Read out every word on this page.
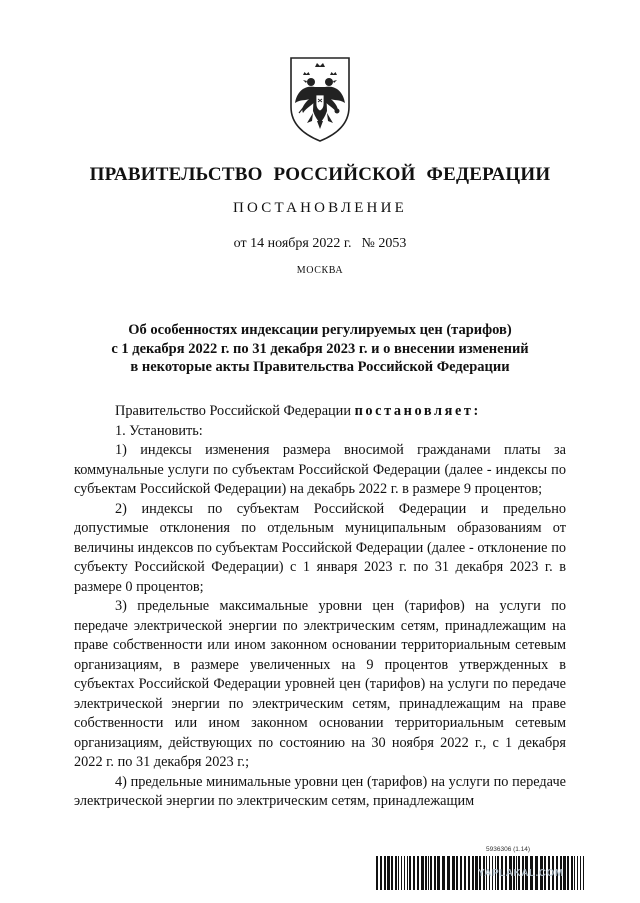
ПРАВИТЕЛЬСТВО РОССИЙСКОЙ ФЕДЕРАЦИИ
ПОСТАНОВЛЕНИЕ
от 14 ноября 2022 г. № 2053
МОСКВА
Об особенностях индексации регулируемых цен (тарифов)
с 1 декабря 2022 г. по 31 декабря 2023 г. и о внесении изменений
в некоторые акты Правительства Российской Федерации

Правительство Российской Федерации постановляет:

1. Установить:

1) индексы изменения размера вносимой гражданами платы за коммунальные услуги по субъектам Российской Федерации (далее - индексы по субъектам Российской Федерации) на декабрь 2022 г. в размере 9 процентов;

2) индексы по субъектам Российской Федерации и предельно допустимые отклонения по отдельным муниципальным образованиям от величины индексов по субъектам Российской Федерации (далее - отклонение по субъекту Российской Федерации) с 1 января 2023 г. по 31 декабря 2023 г. в размере 0 процентов;

3) предельные максимальные уровни цен (тарифов) на услуги по передаче электрической энергии по электрическим сетям, принадлежащим на праве собственности или ином законном основании территориальным сетевым организациям, в размере увеличенных на 9 процентов утвержденных в субъектах Российской Федерации уровней цен (тарифов) на услуги по передаче электрической энергии по электрическим сетям, принадлежащим на праве собственности или ином законном основании территориальным сетевым организациям, действующих по состоянию на 30 ноября 2022 г., с 1 декабря 2022 г. по 31 декабря 2023 г.;

4) предельные минимальные уровни цен (тарифов) на услуги по передаче электрической энергии по электрическим сетям, принадлежащим

5936306 (1.14)
YAPLAKAL.COM
